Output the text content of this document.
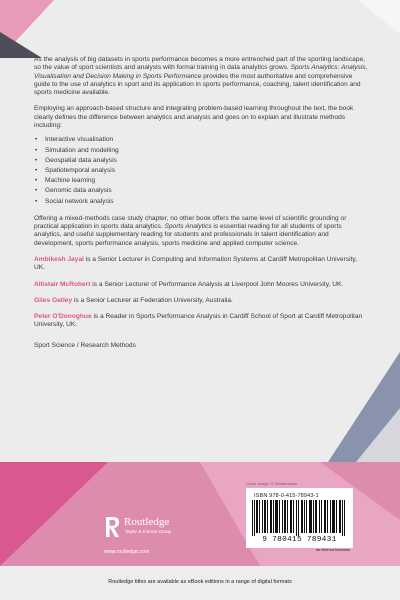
As the analysis of big datasets in sports performance becomes a more entrenched part of the sporting landscape, so the value of sport scientists and analysts with formal training in data analytics grows. Sports Analytics: Analysis, Visualisation and Decision Making in Sports Performance provides the most authoritative and comprehensive guide to the use of analytics in sport and its application in sports performance, coaching, talent identification and sports medicine available.

Employing an approach-based structure and integrating problem-based learning throughout the text, the book clearly defines the difference between analytics and analysis and goes on to explain and illustrate methods including:

• Interactive visualisation
• Simulation and modelling
• Geospatial data analysis
• Spatiotemporal analysis
• Machine learning
• Genomic data analysis
• Social network analysis

Offering a mixed-methods case study chapter, no other book offers the same level of scientific grounding or practical application in sports data analytics. Sports Analytics is essential reading for all students of sports analytics, and useful supplementary reading for students and professionals in talent identification and development, sports performance analysis, sports medicine and applied computer science.

Ambikesh Jayal is a Senior Lecturer in Computing and Information Systems at Cardiff Metropolitan University, UK.

Allistair McRobert is a Senior Lecturer of Performance Analysis at Liverpool John Moores University, UK.

Giles Oatley is a Senior Lecturer at Federation University, Australia.

Peter O'Donoghue is a Reader in Sports Performance Analysis in Cardiff School of Sport at Cardiff Metropolitan University, UK.

Sport Science / Research Methods

Cover image: © Shutterstock
ISBN 978-0-415-78943-1
9 780415 789431
an informa business
Routledge
Taylor & Francis Group
www.routledge.com
Routledge titles are available as eBook editions in a range of digital formats
